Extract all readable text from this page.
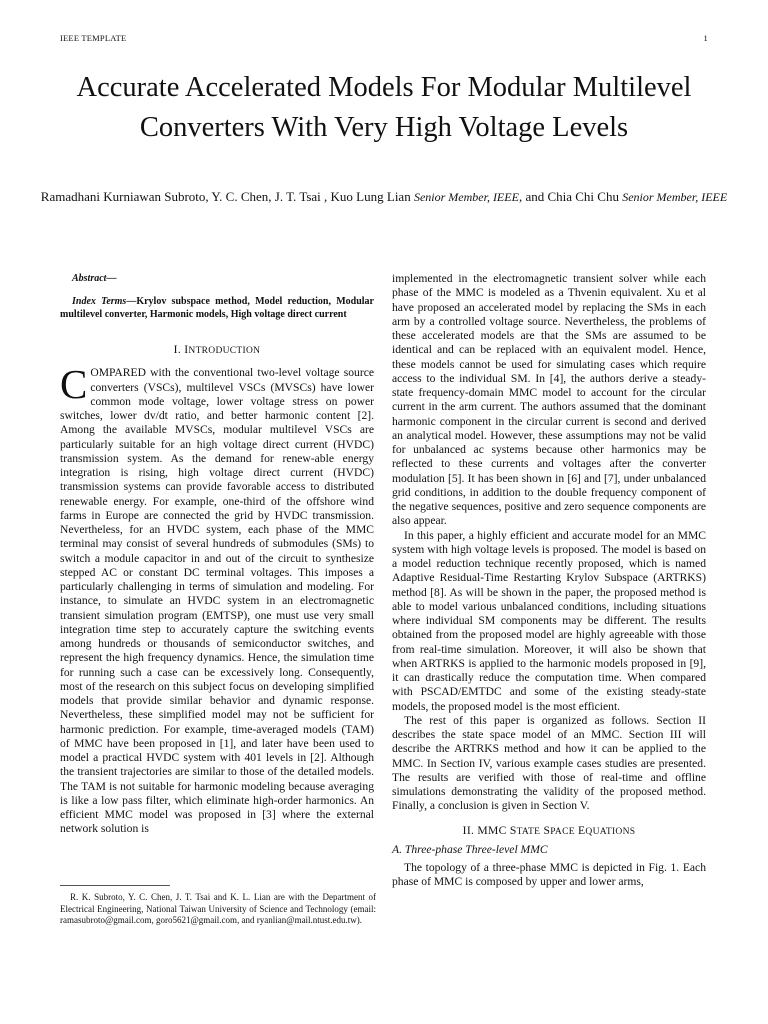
IEEE TEMPLATE	1
Accurate Accelerated Models For Modular Multilevel Converters With Very High Voltage Levels
Ramadhani Kurniawan Subroto, Y. C. Chen, J. T. Tsai , Kuo Lung Lian Senior Member, IEEE, and Chia Chi Chu Senior Member, IEEE

Abstract—

Index Terms—Krylov subspace method, Model reduction, Modular multilevel converter, Harmonic models, High voltage direct current

I. INTRODUCTION

COMPARED with the conventional two-level voltage source converters (VSCs), multilevel VSCs (MVSCs) have lower common mode voltage, lower voltage stress on power switches, lower dv/dt ratio, and better harmonic content [2]. Among the available MVSCs, modular multilevel VSCs are particularly suitable for an high voltage direct current (HVDC) transmission system. As the demand for renew-able energy integration is rising, high voltage direct current (HVDC) transmission systems can provide favorable access to distributed renewable energy. For example, one-third of the offshore wind farms in Europe are connected the grid by HVDC transmission. Nevertheless, for an HVDC system, each phase of the MMC terminal may consist of several hundreds of submodules (SMs) to switch a module capacitor in and out of the circuit to synthesize stepped AC or constant DC terminal voltages. This imposes a particularly challenging in terms of simulation and modeling. For instance, to simulate an HVDC system in an electromagnetic transient simulation program (EMTSP), one must use very small integration time step to accurately capture the switching events among hundreds or thousands of semiconductor switches, and represent the high frequency dynamics. Hence, the simulation time for running such a case can be excessively long. Consequently, most of the research on this subject focus on developing simplified models that provide similar behavior and dynamic response. Nevertheless, these simplified model may not be sufficient for harmonic prediction. For example, time-averaged models (TAM) of MMC have been proposed in [1], and later have been used to model a practical HVDC system with 401 levels in [2]. Although the transient trajectories are similar to those of the detailed models. The TAM is not suitable for harmonic modeling because averaging is like a low pass filter, which eliminate high-order harmonics. An efficient MMC model was proposed in [3] where the external network solution is

R. K. Subroto, Y. C. Chen, J. T. Tsai and K. L. Lian are with the Department of Electrical Engineering, National Taiwan University of Science and Technology (email: ramasubroto@gmail.com, goro5621@gmail.com, and ryanlian@mail.ntust.edu.tw).

implemented in the electromagnetic transient solver while each phase of the MMC is modeled as a Thvenin equivalent. Xu et al have proposed an accelerated model by replacing the SMs in each arm by a controlled voltage source. Nevertheless, the problems of these accelerated models are that the SMs are assumed to be identical and can be replaced with an equivalent model. Hence, these models cannot be used for simulating cases which require access to the individual SM. In [4], the authors derive a steady-state frequency-domain MMC model to account for the circular current in the arm current. The authors assumed that the dominant harmonic component in the circular current is second and derived an analytical model. However, these assumptions may not be valid for unbalanced ac systems because other harmonics may be reflected to these currents and voltages after the converter modulation [5]. It has been shown in [6] and [7], under unbalanced grid conditions, in addition to the double frequency component of the negative sequences, positive and zero sequence components are also appear.

In this paper, a highly efficient and accurate model for an MMC system with high voltage levels is proposed. The model is based on a model reduction technique recently proposed, which is named Adaptive Residual-Time Restarting Krylov Subspace (ARTRKS) method [8]. As will be shown in the paper, the proposed method is able to model various unbalanced conditions, including situations where individual SM components may be different. The results obtained from the proposed model are highly agreeable with those from real-time simulation. Moreover, it will also be shown that when ARTRKS is applied to the harmonic models proposed in [9], it can drastically reduce the computation time. When compared with PSCAD/EMTDC and some of the existing steady-state models, the proposed model is the most efficient.

The rest of this paper is organized as follows. Section II describes the state space model of an MMC. Section III will describe the ARTRKS method and how it can be applied to the MMC. In Section IV, various example cases studies are presented. The results are verified with those of real-time and offline simulations demonstrating the validity of the proposed method. Finally, a conclusion is given in Section V.

II. MMC STATE SPACE EQUATIONS

A. Three-phase Three-level MMC

The topology of a three-phase MMC is depicted in Fig. 1. Each phase of MMC is composed by upper and lower arms,
